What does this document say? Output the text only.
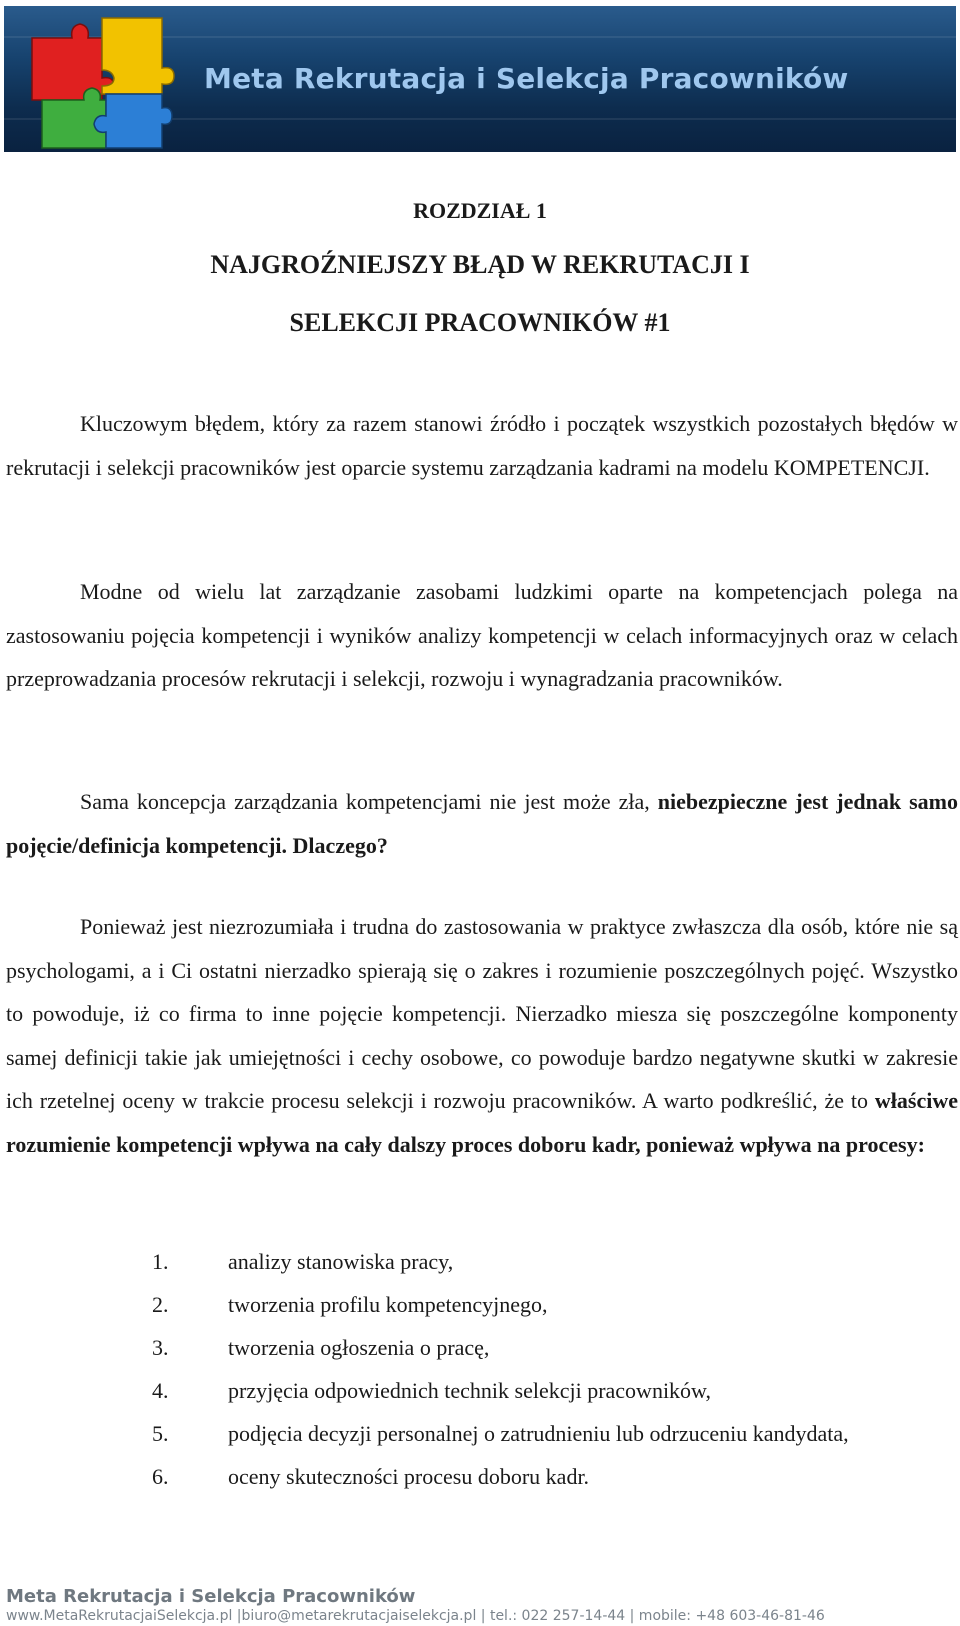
Meta Rekrutacja i Selekcja Pracowników
ROZDZIAŁ 1
NAJGROŹNIEJSZY BŁĄD W REKRUTACJI I
SELEKCJI PRACOWNIKÓW #1

Kluczowym błędem, który za razem stanowi źródło i początek wszystkich pozostałych błędów w rekrutacji i selekcji pracowników jest oparcie systemu zarządzania kadrami na modelu KOMPETENCJI.

Modne od wielu lat zarządzanie zasobami ludzkimi oparte na kompetencjach polega na zastosowaniu pojęcia kompetencji i wyników analizy kompetencji w celach informacyjnych oraz w celach przeprowadzania procesów rekrutacji i selekcji, rozwoju i wynagradzania pracowników.

Sama koncepcja zarządzania kompetencjami nie jest może zła, niebezpieczne jest jednak samo pojęcie/definicja kompetencji. Dlaczego?

Ponieważ jest niezrozumiała i trudna do zastosowania w praktyce zwłaszcza dla osób, które nie są psychologami, a i Ci ostatni nierzadko spierają się o zakres i rozumienie poszczególnych pojęć. Wszystko to powoduje, iż co firma to inne pojęcie kompetencji. Nierzadko miesza się poszczególne komponenty samej definicji takie jak umiejętności i cechy osobowe, co powoduje bardzo negatywne skutki w zakresie ich rzetelnej oceny w trakcie procesu selekcji i rozwoju pracowników. A warto podkreślić, że to właściwe rozumienie kompetencji wpływa na cały dalszy proces doboru kadr, ponieważ wpływa na procesy:

1.	analizy stanowiska pracy,
2.	tworzenia profilu kompetencyjnego,
3.	tworzenia ogłoszenia o pracę,
4.	przyjęcia odpowiednich technik selekcji pracowników,
5.	podjęcia decyzji personalnej o zatrudnieniu lub odrzuceniu kandydata,
6.	oceny skuteczności procesu doboru kadr.
Meta Rekrutacja i Selekcja Pracowników
www.MetaRekrutacjaiSelekcja.pl |biuro@metarekrutacjaiselekcja.pl | tel.: 022 257-14-44 | mobile: +48 603-46-81-46
